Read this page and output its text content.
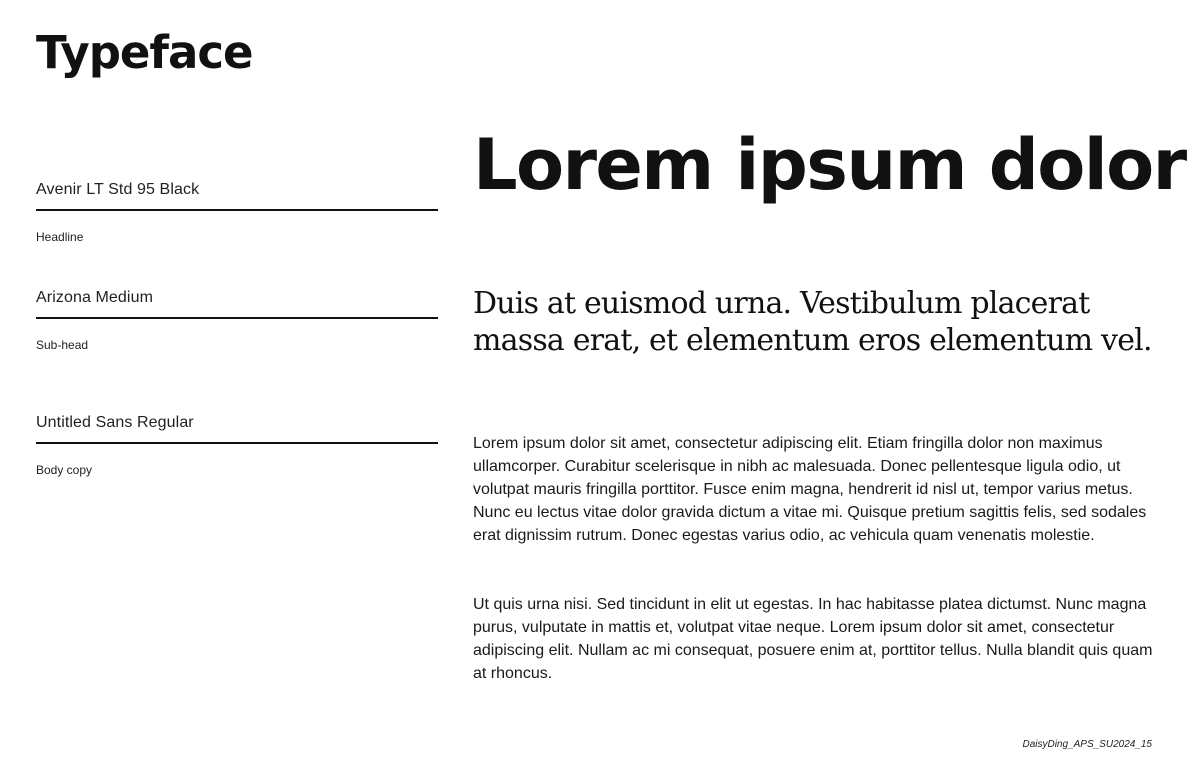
Typeface
Avenir LT Std 95 Black
Headline
Arizona Medium
Sub-head
Untitled Sans Regular
Body copy
Lorem ipsum dolor
Duis at euismod urna. Vestibulum placerat massa erat, et elementum eros elementum vel.

Lorem ipsum dolor sit amet, consectetur adipiscing elit. Etiam fringilla dolor non maximus ullamcorper. Curabitur scelerisque in nibh ac malesuada. Donec pellentesque ligula odio, ut volutpat mauris fringilla porttitor. Fusce enim magna, hendrerit id nisl ut, tempor varius metus. Nunc eu lectus vitae dolor gravida dictum a vitae mi. Quisque pretium sagittis felis, sed sodales erat dignissim rutrum. Donec egestas varius odio, ac vehicula quam venenatis molestie.

Ut quis urna nisi. Sed tincidunt in elit ut egestas. In hac habitasse platea dictumst. Nunc magna purus, vulputate in mattis et, volutpat vitae neque. Lorem ipsum dolor sit amet, consectetur adipiscing elit. Nullam ac mi consequat, posuere enim at, porttitor tellus. Nulla blandit quis quam at rhoncus.

DaisyDing_APS_SU2024_15
